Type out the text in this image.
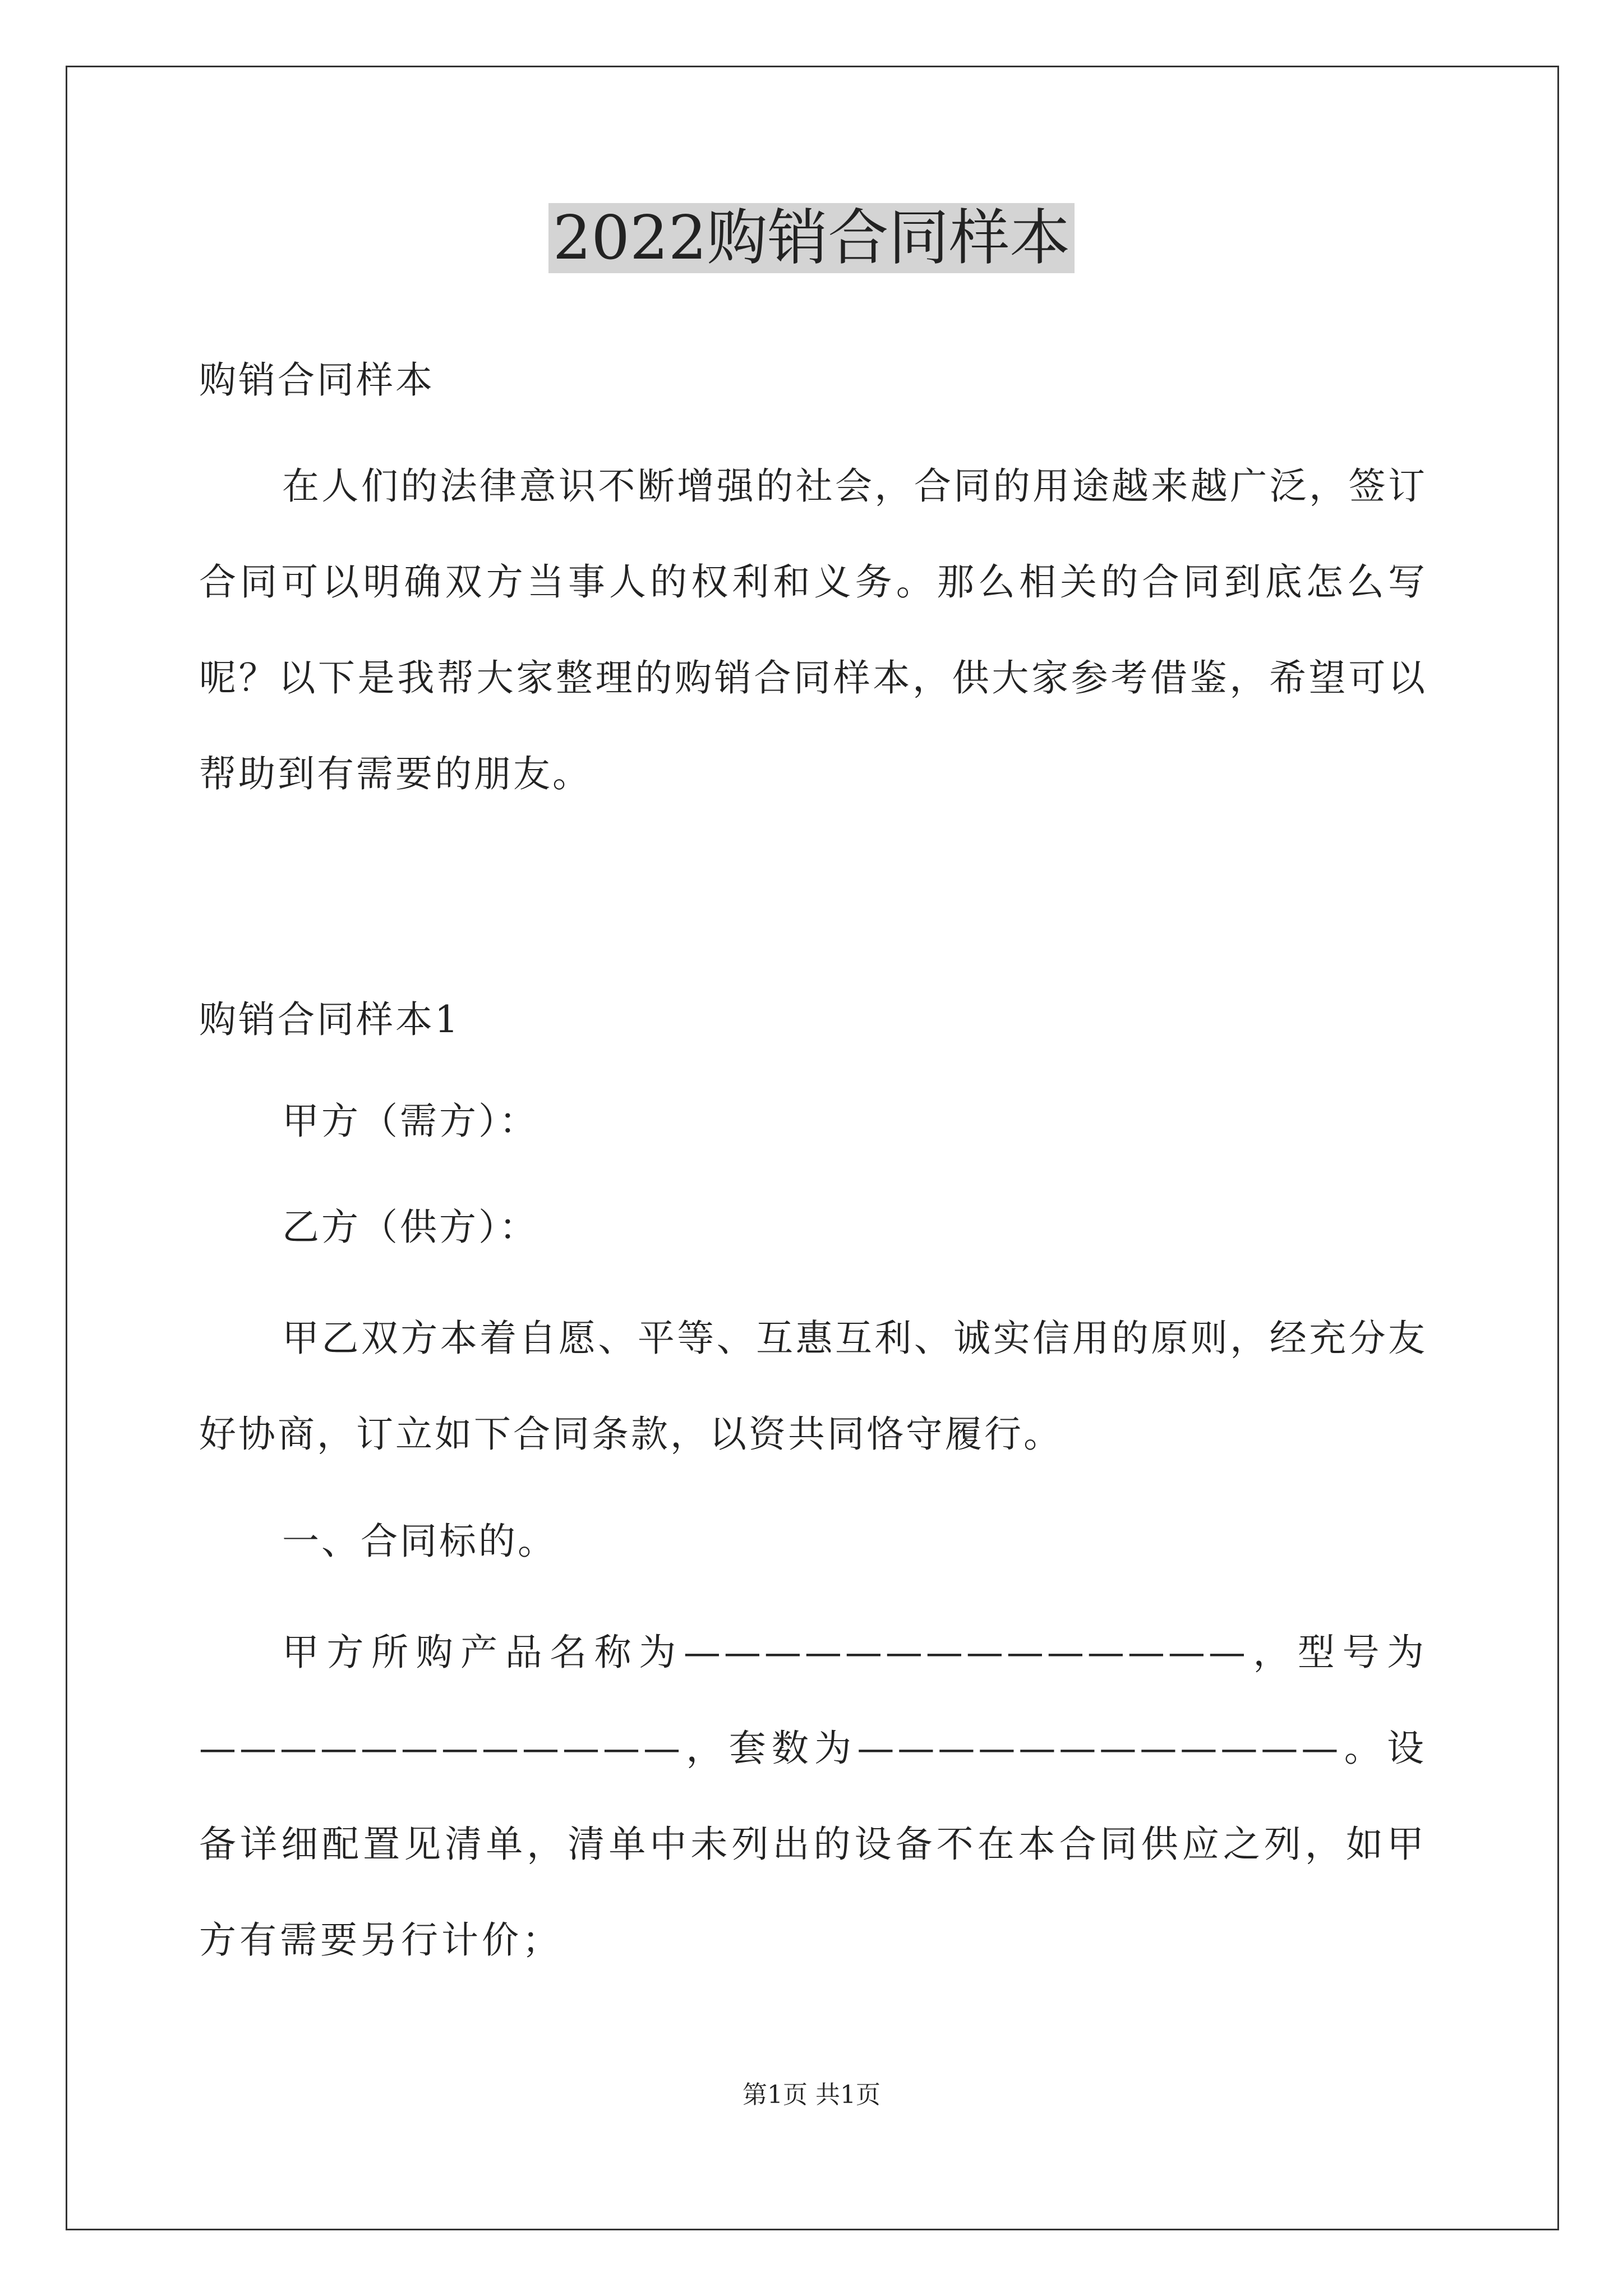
2022购销合同样本
购销合同样本
在人们的法律意识不断增强的社会，合同的用途越来越广泛，签订合同可以明确双方当事人的权利和义务。那么相关的合同到底怎么写呢？以下是我帮大家整理的购销合同样本，供大家参考借鉴，希望可以帮助到有需要的朋友。
购销合同样本1
甲方（需方）：
乙方（供方）：
甲乙双方本着自愿、平等、互惠互利、诚实信用的原则，经充分友好协商，订立如下合同条款，以资共同恪守履行。
一、合同标的。
甲方所购产品名称为——————————————，型号为————————————，套数为————————————。设备详细配置见清单，清单中未列出的设备不在本合同供应之列，如甲方有需要另行计价；
第1页 共1页
